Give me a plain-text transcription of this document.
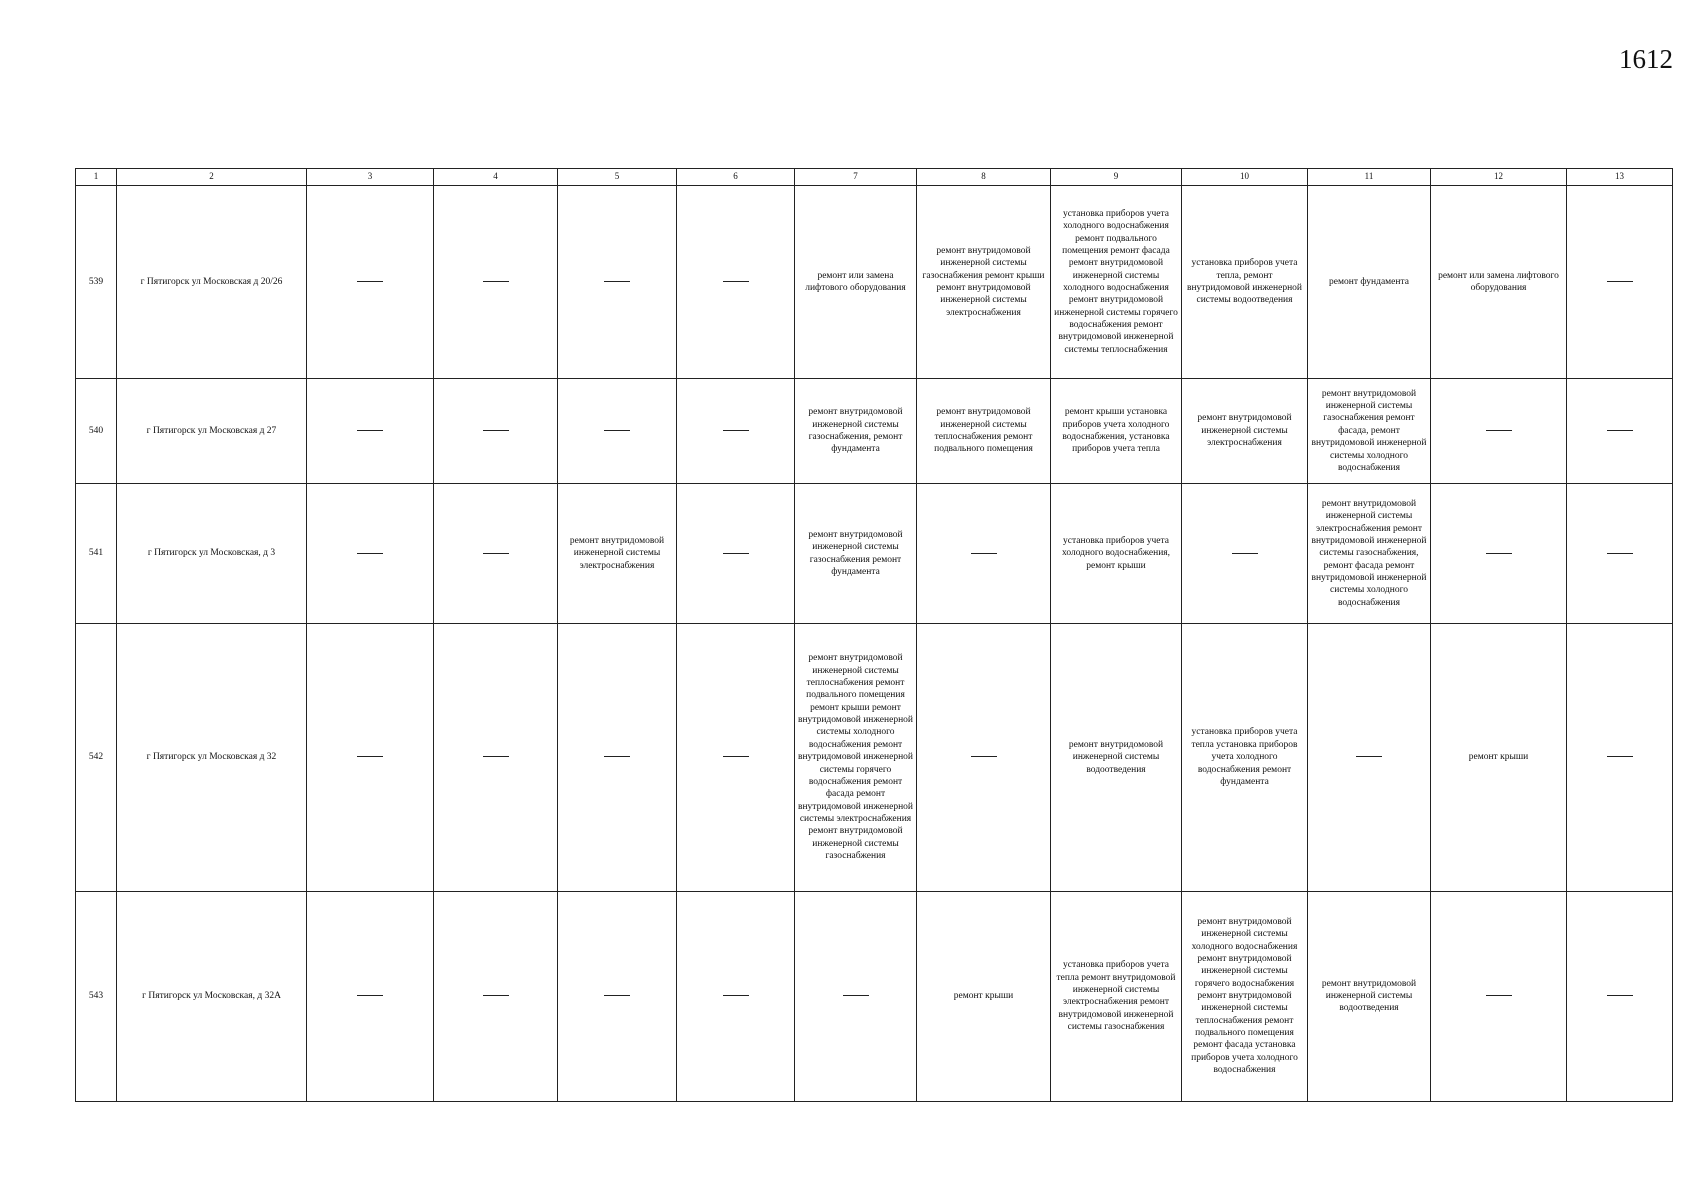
1612
1	2	3	4	5	6	7	8	9	10	11	12	13
539	г Пятигорск ул Московская д 20/26					ремонт или замена лифтового оборудования	ремонт внутридомовой инженерной системы газоснабжения ремонт крыши ремонт внутридомовой инженерной системы электроснабжения	установка приборов учета холодного водоснабжения ремонт подвального помещения ремонт фасада ремонт внутридомовой инженерной системы холодного водоснабжения ремонт внутридомовой инженерной системы горячего водоснабжения ремонт внутридомовой инженерной системы теплоснабжения	установка приборов учета тепла, ремонт внутридомовой инженерной системы водоотведения	ремонт фундамента	ремонт или замена лифтового оборудования	
540	г Пятигорск ул Московская д 27					ремонт внутридомовой инженерной системы газоснабжения, ремонт фундамента	ремонт внутридомовой инженерной системы теплоснабжения ремонт подвального помещения	ремонт крыши установка приборов учета холодного водоснабжения, установка приборов учета тепла	ремонт внутридомовой инженерной системы электроснабжения	ремонт внутридомовой инженерной системы газоснабжения ремонт фасада, ремонт внутридомовой инженерной системы холодного водоснабжения		
541	г Пятигорск ул Московская, д 3			ремонт внутридомовой инженерной системы электроснабжения		ремонт внутридомовой инженерной системы газоснабжения ремонт фундамента		установка приборов учета холодного водоснабжения, ремонт крыши		ремонт внутридомовой инженерной системы электроснабжения ремонт внутридомовой инженерной системы газоснабжения, ремонт фасада ремонт внутридомовой инженерной системы холодного водоснабжения		
542	г Пятигорск ул Московская д 32					ремонт внутридомовой инженерной системы теплоснабжения ремонт подвального помещения ремонт крыши ремонт внутридомовой инженерной системы холодного водоснабжения ремонт внутридомовой инженерной системы горячего водоснабжения ремонт фасада ремонт внутридомовой инженерной системы электроснабжения ремонт внутридомовой инженерной системы газоснабжения		ремонт внутридомовой инженерной системы водоотведения	установка приборов учета тепла установка приборов учета холодного водоснабжения ремонт фундамента		ремонт крыши	
543	г Пятигорск ул Московская, д 32А						ремонт крыши	установка приборов учета тепла ремонт внутридомовой инженерной системы электроснабжения ремонт внутридомовой инженерной системы газоснабжения	ремонт внутридомовой инженерной системы холодного водоснабжения ремонт внутридомовой инженерной системы горячего водоснабжения ремонт внутридомовой инженерной системы теплоснабжения ремонт подвального помещения ремонт фасада установка приборов учета холодного водоснабжения	ремонт внутридомовой инженерной системы водоотведения		
